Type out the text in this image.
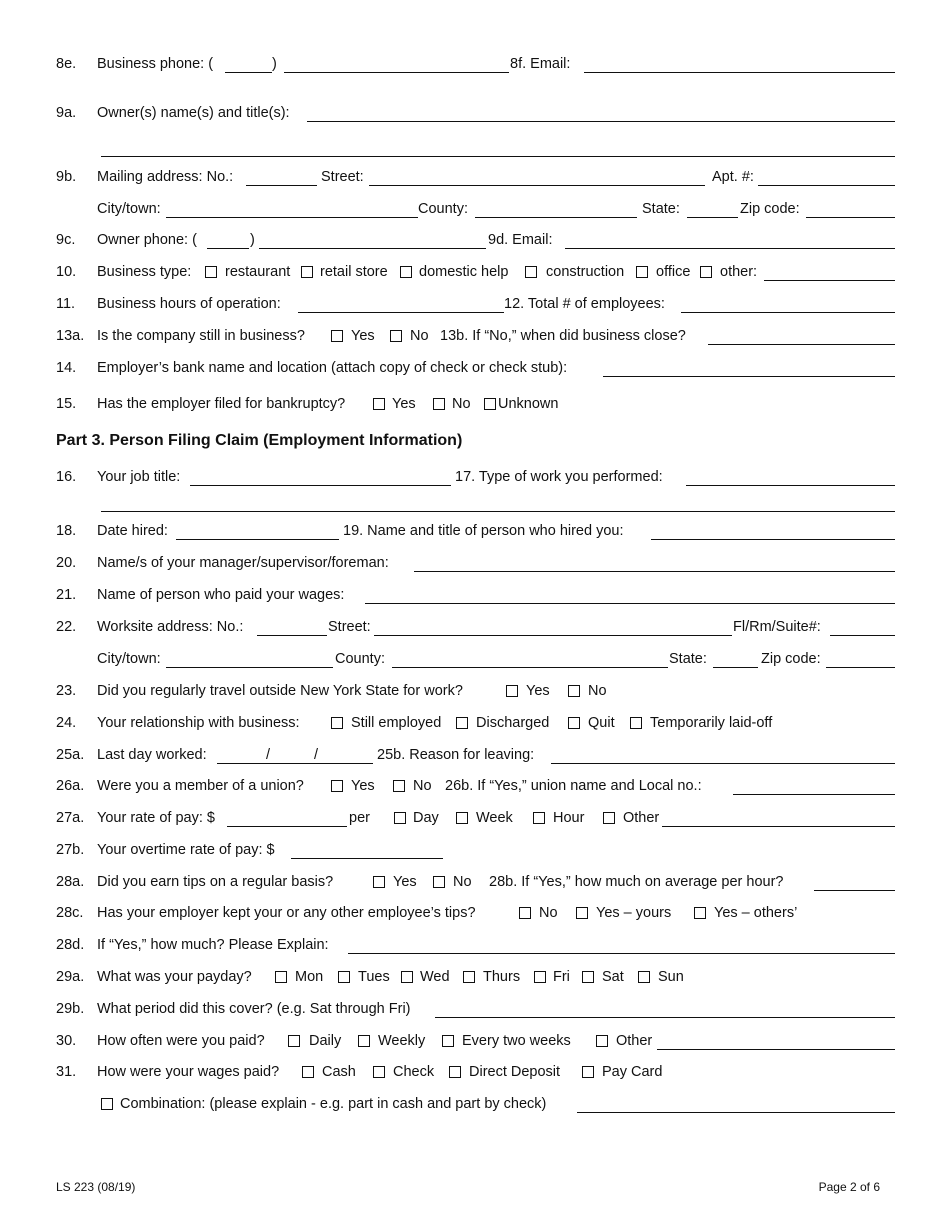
8e. Business phone: (	)	8f. Email:
9a. Owner(s) name(s) and title(s):
9b. Mailing address: No.:	Street:	Apt. #:
City/town:	County:	State:	Zip code:
9c. Owner phone: (	)	9d. Email:
10. Business type: restaurant retail store domestic help	construction office other:
11. Business hours of operation:	12. Total # of employees:
13a. Is the company still in business?	Yes No 13b. If “No,” when did business close?
14. Employer’s bank name and location (attach copy of check or check stub):
15. Has the employer filed for bankruptcy?	Yes	No Unknown
Part 3. Person Filing Claim (Employment Information)
16. Your job title:	17. Type of work you performed:
18. Date hired:	19. Name and title of person who hired you:
20. Name/s of your manager/supervisor/foreman:
21. Name of person who paid your wages:
22. Worksite address: No.:	Street:	Fl/Rm/Suite#:
City/town:	County:	State:	Zip code:
23. Did you regularly travel outside New York State for work?	Yes	No
24. Your relationship with business:	Still employed Discharged	Quit Temporarily laid-off
25a. Last day worked:	/	/	25b. Reason for leaving:
26a. Were you a member of a union?	Yes	No 26b. If “Yes,” union name and Local no.:
27a. Your rate of pay: $	per	Day	Week	Hour	Other
27b. Your overtime rate of pay: $
28a. Did you earn tips on a regular basis?	Yes	No 28b. If “Yes,” how much on average per hour?
28c. Has your employer kept your or any other employee’s tips?	No	Yes – yours	Yes – others’
28d. If “Yes,” how much? Please Explain:
29a. What was your payday?	Mon Tues Wed Thurs Fri Sat Sun
29b. What period did this cover? (e.g. Sat through Fri)
30. How often were you paid?	Daily	Weekly	Every two weeks	Other
31. How were your wages paid?	Cash	Check Direct Deposit	Pay Card
Combination: (please explain - e.g. part in cash and part by check)
LS 223 (08/19)	Page 2 of 6
